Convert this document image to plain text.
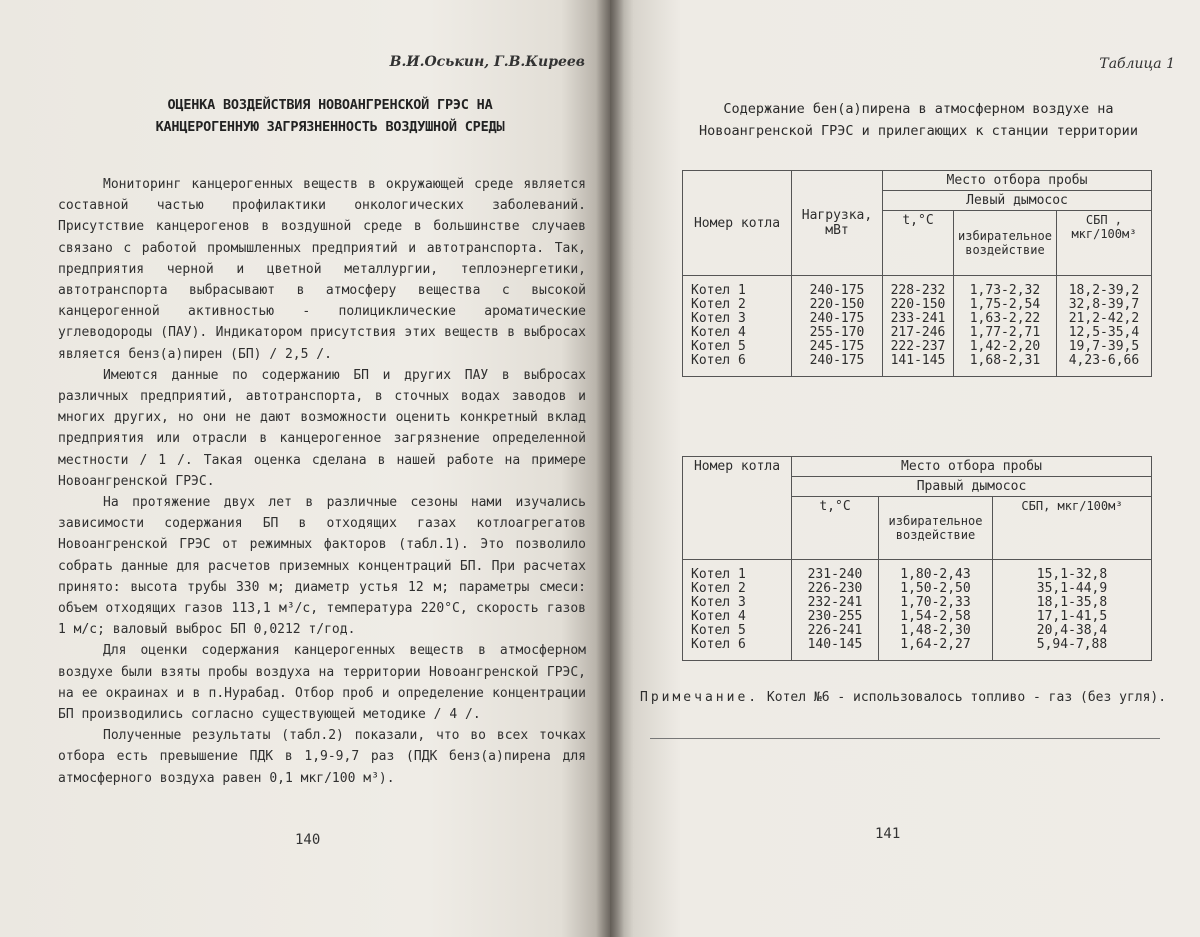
В.И.Оськин, Г.В.Киреев
ОЦЕНКА ВОЗДЕЙСТВИЯ НОВОАНГРЕНСКОЙ ГРЭС НА
КАНЦЕРОГЕННУЮ ЗАГРЯЗНЕННОСТЬ ВОЗДУШНОЙ СРЕДЫ

Мониторинг канцерогенных веществ в окружающей среде является составной частью профилактики онкологических заболеваний. Присутствие канцерогенов в воздушной среде в большинстве случаев связано с работой промышленных предприятий и автотранспорта. Так, предприятия черной и цветной металлургии, теплоэнергетики, автотранспорта выбрасывают в атмосферу вещества с высокой канцерогенной активностью - полициклические ароматические углеводороды (ПАУ). Индикатором присутствия этих веществ в выбросах является бенз(а)пирен (БП) / 2,5 /.

Имеются данные по содержанию БП и других ПАУ в выбросах различных предприятий, автотранспорта, в сточных водах заводов и многих других, но они не дают возможности оценить конкретный вклад предприятия или отрасли в канцерогенное загрязнение определенной местности / 1 /. Такая оценка сделана в нашей работе на примере Новоангренской ГРЭС.

На протяжение двух лет в различные сезоны нами изучались зависимости содержания БП в отходящих газах котлоагрегатов Новоангренской ГРЭС от режимных факторов (табл.1). Это позволило собрать данные для расчетов приземных концентраций БП. При расчетах принято: высота трубы 330 м; диаметр устья 12 м; параметры смеси: объем отходящих газов 113,1 м³/с, температура 220°С, скорость газов 1 м/с; валовый выброс БП 0,0212 т/год.

Для оценки содержания канцерогенных веществ в атмосферном воздухе были взяты пробы воздуха на территории Новоангренской ГРЭС, на ее окраинах и в п.Нурабад. Отбор проб и определение концентрации БП производились согласно существующей методике / 4 /.

Полученные результаты (табл.2) показали, что во всех точках отбора есть превышение ПДК в 1,9-9,7 раз (ПДК бенз(а)пирена для атмосферного воздуха равен 0,1 мкг/100 м³).

140
Таблица 1
Содержание бен(а)пирена в атмосферном воздухе на
Новоангренской ГРЭС и прилегающих к станции территории
Номер котла	Нагрузка, мВт	Место отбора пробы		
		Левый дымосос		
		t,°С	избирательное воздействие	СБП , мкг/100м³
Котел 1	240-175	228-232	1,73-2,32	18,2-39,2
Котел 2	220-150	220-150	1,75-2,54	32,8-39,7
Котел 3	240-175	233-241	1,63-2,22	21,2-42,2
Котел 4	255-170	217-246	1,77-2,71	12,5-35,4
Котел 5	245-175	222-237	1,42-2,20	19,7-39,5
Котел 6	240-175	141-145	1,68-2,31	4,23-6,66
Номер котла	Место отбора пробы		
	Правый дымосос		
	t,°С	избирательное воздействие	СБП, мкг/100м³
Котел 1	231-240	1,80-2,43	15,1-32,8
Котел 2	226-230	1,50-2,50	35,1-44,9
Котел 3	232-241	1,70-2,33	18,1-35,8
Котел 4	230-255	1,54-2,58	17,1-41,5
Котел 5	226-241	1,48-2,30	20,4-38,4
Котел 6	140-145	1,64-2,27	5,94-7,88
Примечание. Котел №6 - использовалось топливо - газ (без угля).
141
